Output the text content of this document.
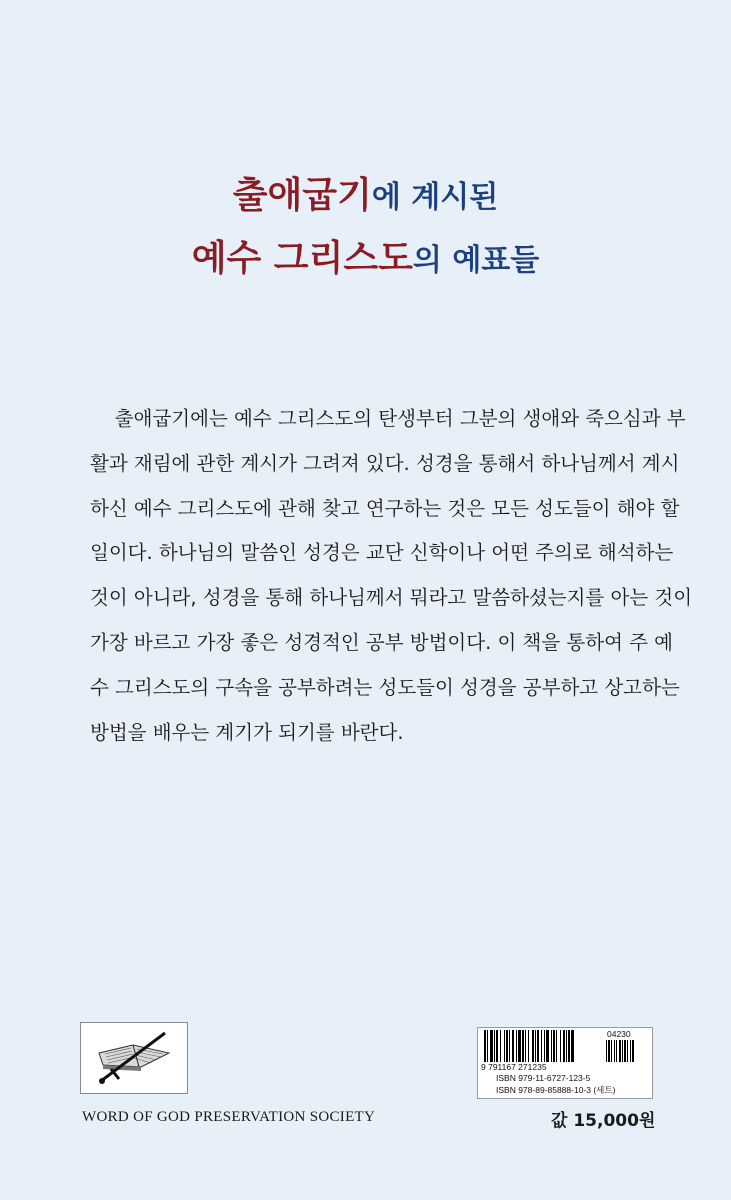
출애굽기에 계시된
예수 그리스도의 예표들
출애굽기에는 예수 그리스도의 탄생부터 그분의 생애와 죽으심과 부
활과 재림에 관한 계시가 그려져 있다. 성경을 통해서 하나님께서 계시
하신 예수 그리스도에 관해 찾고 연구하는 것은 모든 성도들이 해야 할
일이다. 하나님의 말씀인 성경은 교단 신학이나 어떤 주의로 해석하는
것이 아니라, 성경을 통해 하나님께서 뭐라고 말씀하셨는지를 아는 것이
가장 바르고 가장 좋은 성경적인 공부 방법이다. 이 책을 통하여 주 예
수 그리스도의 구속을 공부하려는 성도들이 성경을 공부하고 상고하는
방법을 배우는 계기가 되기를 바란다.
WORD OF GOD PRESERVATION SOCIETY
04230
9 791167 271235
ISBN 979-11-6727-123-5
ISBN 978-89-85888-10-3 (세트)
값 15,000원
